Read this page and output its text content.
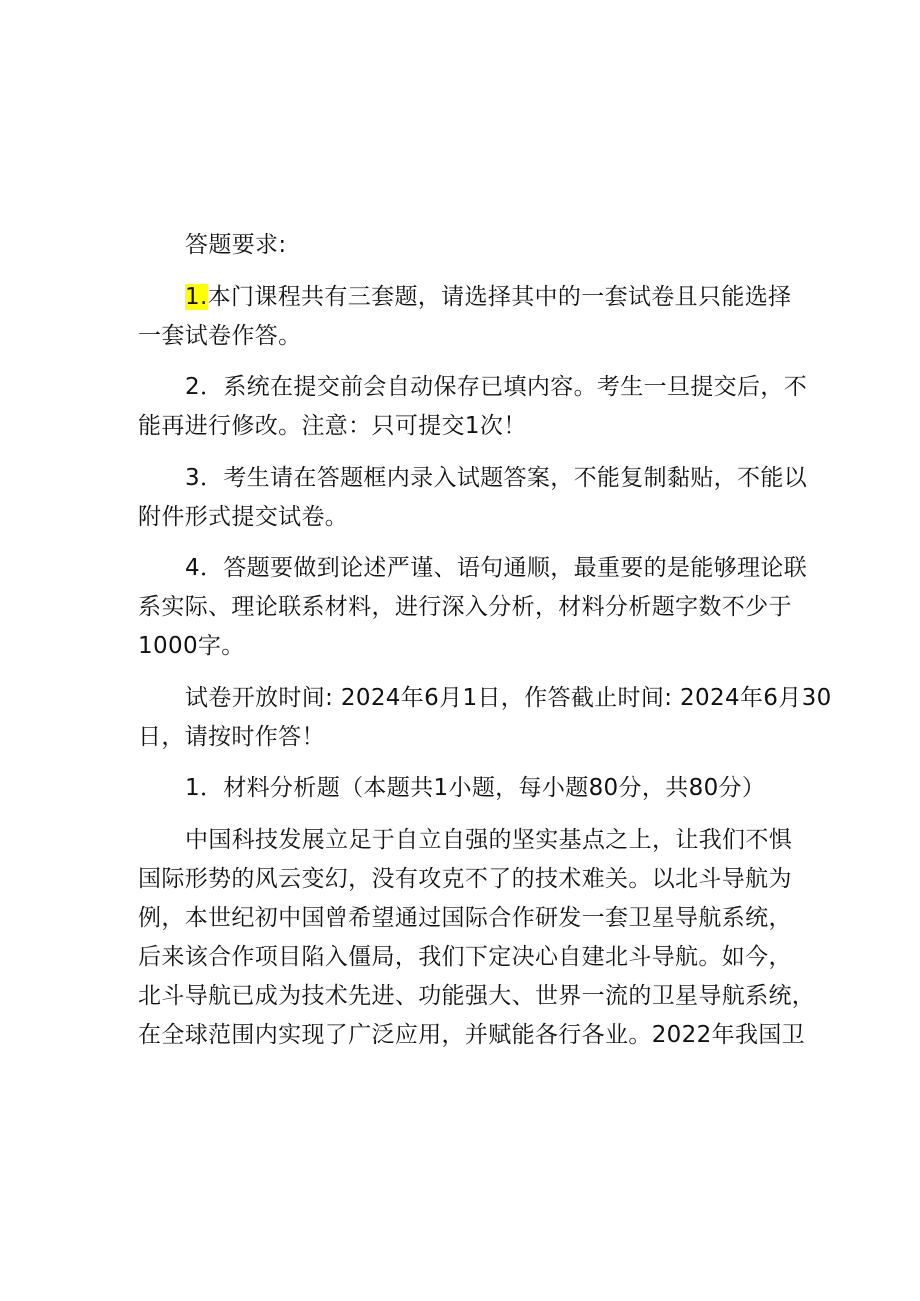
答题要求:

1.本门课程共有三套题，请选择其中的一套试卷且只能选择
一套试卷作答。

2．系统在提交前会自动保存已填内容。考生一旦提交后，不
能再进行修改。注意：只可提交1次！

3．考生请在答题框内录入试题答案，不能复制黏贴，不能以
附件形式提交试卷。

4．答题要做到论述严谨、语句通顺，最重要的是能够理论联
系实际、理论联系材料，进行深入分析，材料分析题字数不少于
1000字。

试卷开放时间: 2024年6月1日，作答截止时间: 2024年6月30
日，请按时作答！

1．材料分析题（本题共1小题，每小题80分，共80分）

中国科技发展立足于自立自强的坚实基点之上，让我们不惧
国际形势的风云变幻，没有攻克不了的技术难关。以北斗导航为
例，本世纪初中国曾希望通过国际合作研发一套卫星导航系统，
后来该合作项目陷入僵局，我们下定决心自建北斗导航。如今，
北斗导航已成为技术先进、功能强大、世界一流的卫星导航系统，
在全球范围内实现了广泛应用，并赋能各行各业。2022年我国卫
